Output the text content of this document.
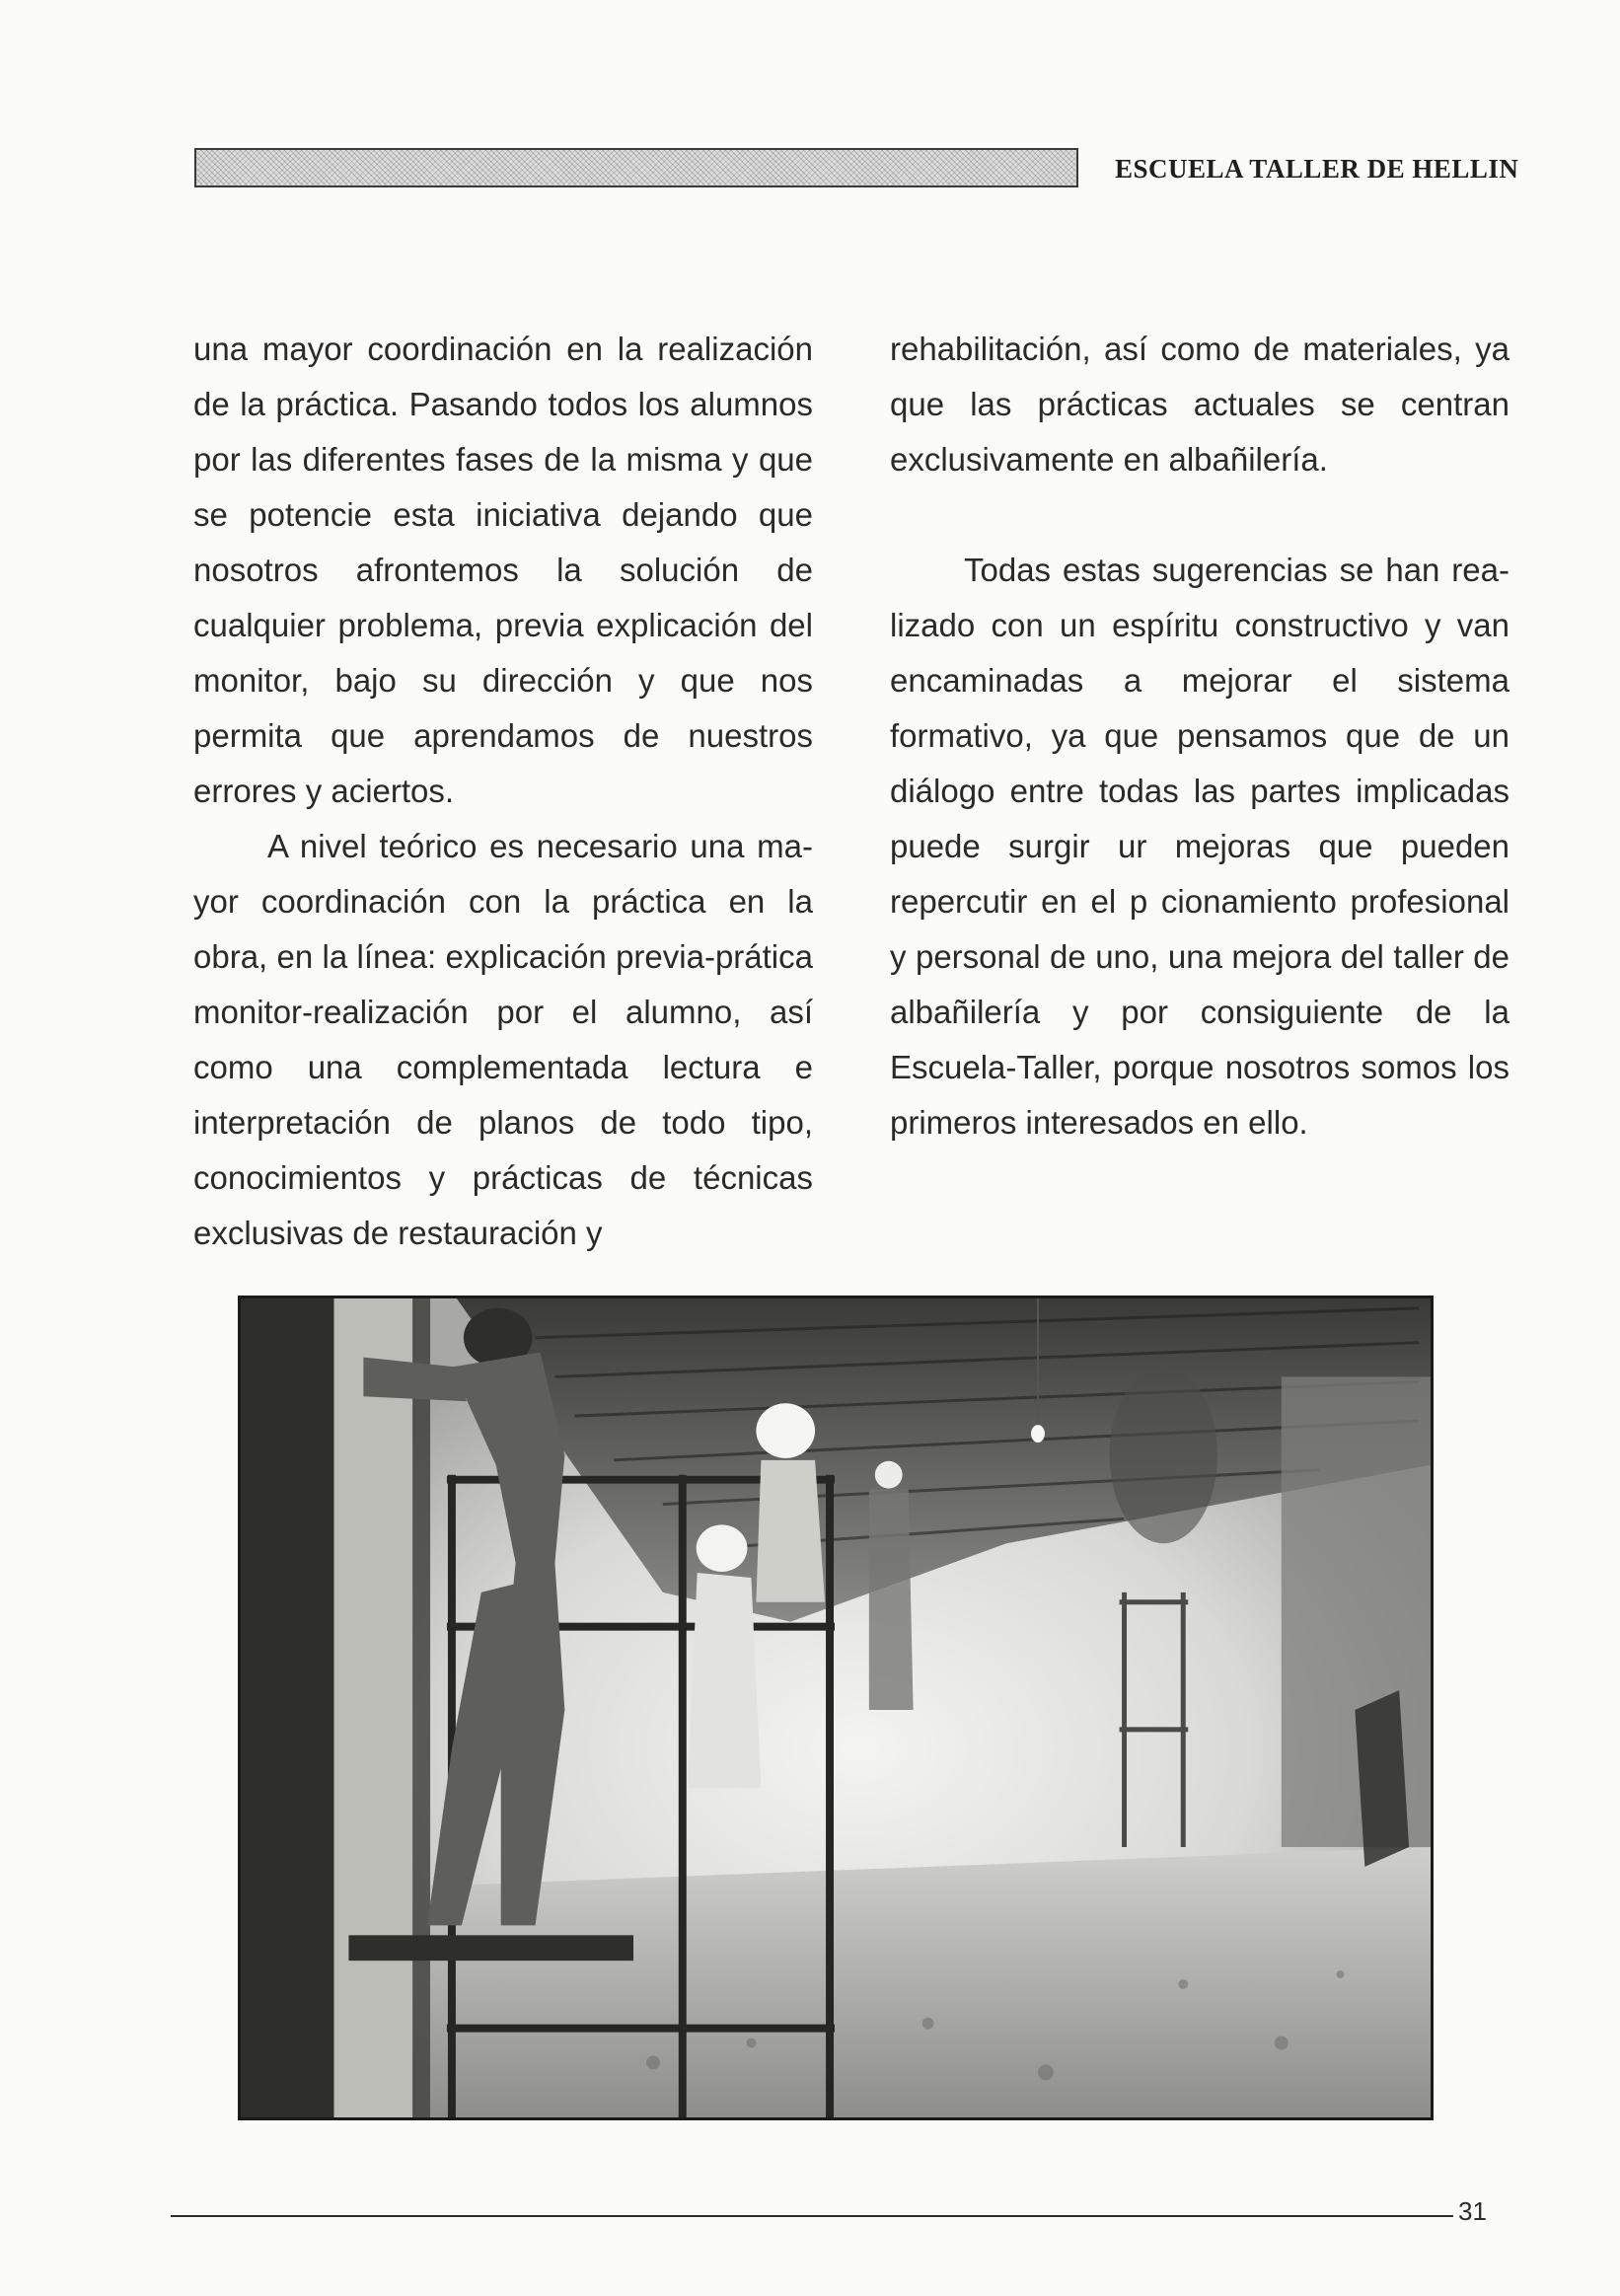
ESCUELA TALLER DE HELLIN

una mayor coordinación en la realización de la práctica. Pasando todos los alumnos por las diferentes fases de la misma y que se potencie esta iniciativa dejando que nosotros afrontemos la solución de cualquier problema, previa explicación del monitor, bajo su dirección y que nos permita que aprendamos de nuestros errores y aciertos.

A nivel teórico es necesario una mayor coordinación con la práctica en la obra, en la línea: explicación previa-prática monitor-realización por el alumno, así como una complementada lectura e interpretación de planos de todo tipo, conocimientos y prácticas de técnicas exclusivas de restauración y

rehabilitación, así como de materiales, ya que las prácticas actuales se centran exclusivamente en albañilería.

Todas estas sugerencias se han realizado con un espíritu constructivo y van encaminadas a mejorar el sistema formativo, ya que pensamos que de un diálogo entre todas las partes implicadas puede surgir ur mejoras que pueden repercutir en el p cionamiento profesional y personal de uno, una mejora del taller de albañilería y por consiguiente de la Escuela-Taller, porque nosotros somos los primeros interesados en ello.

31
